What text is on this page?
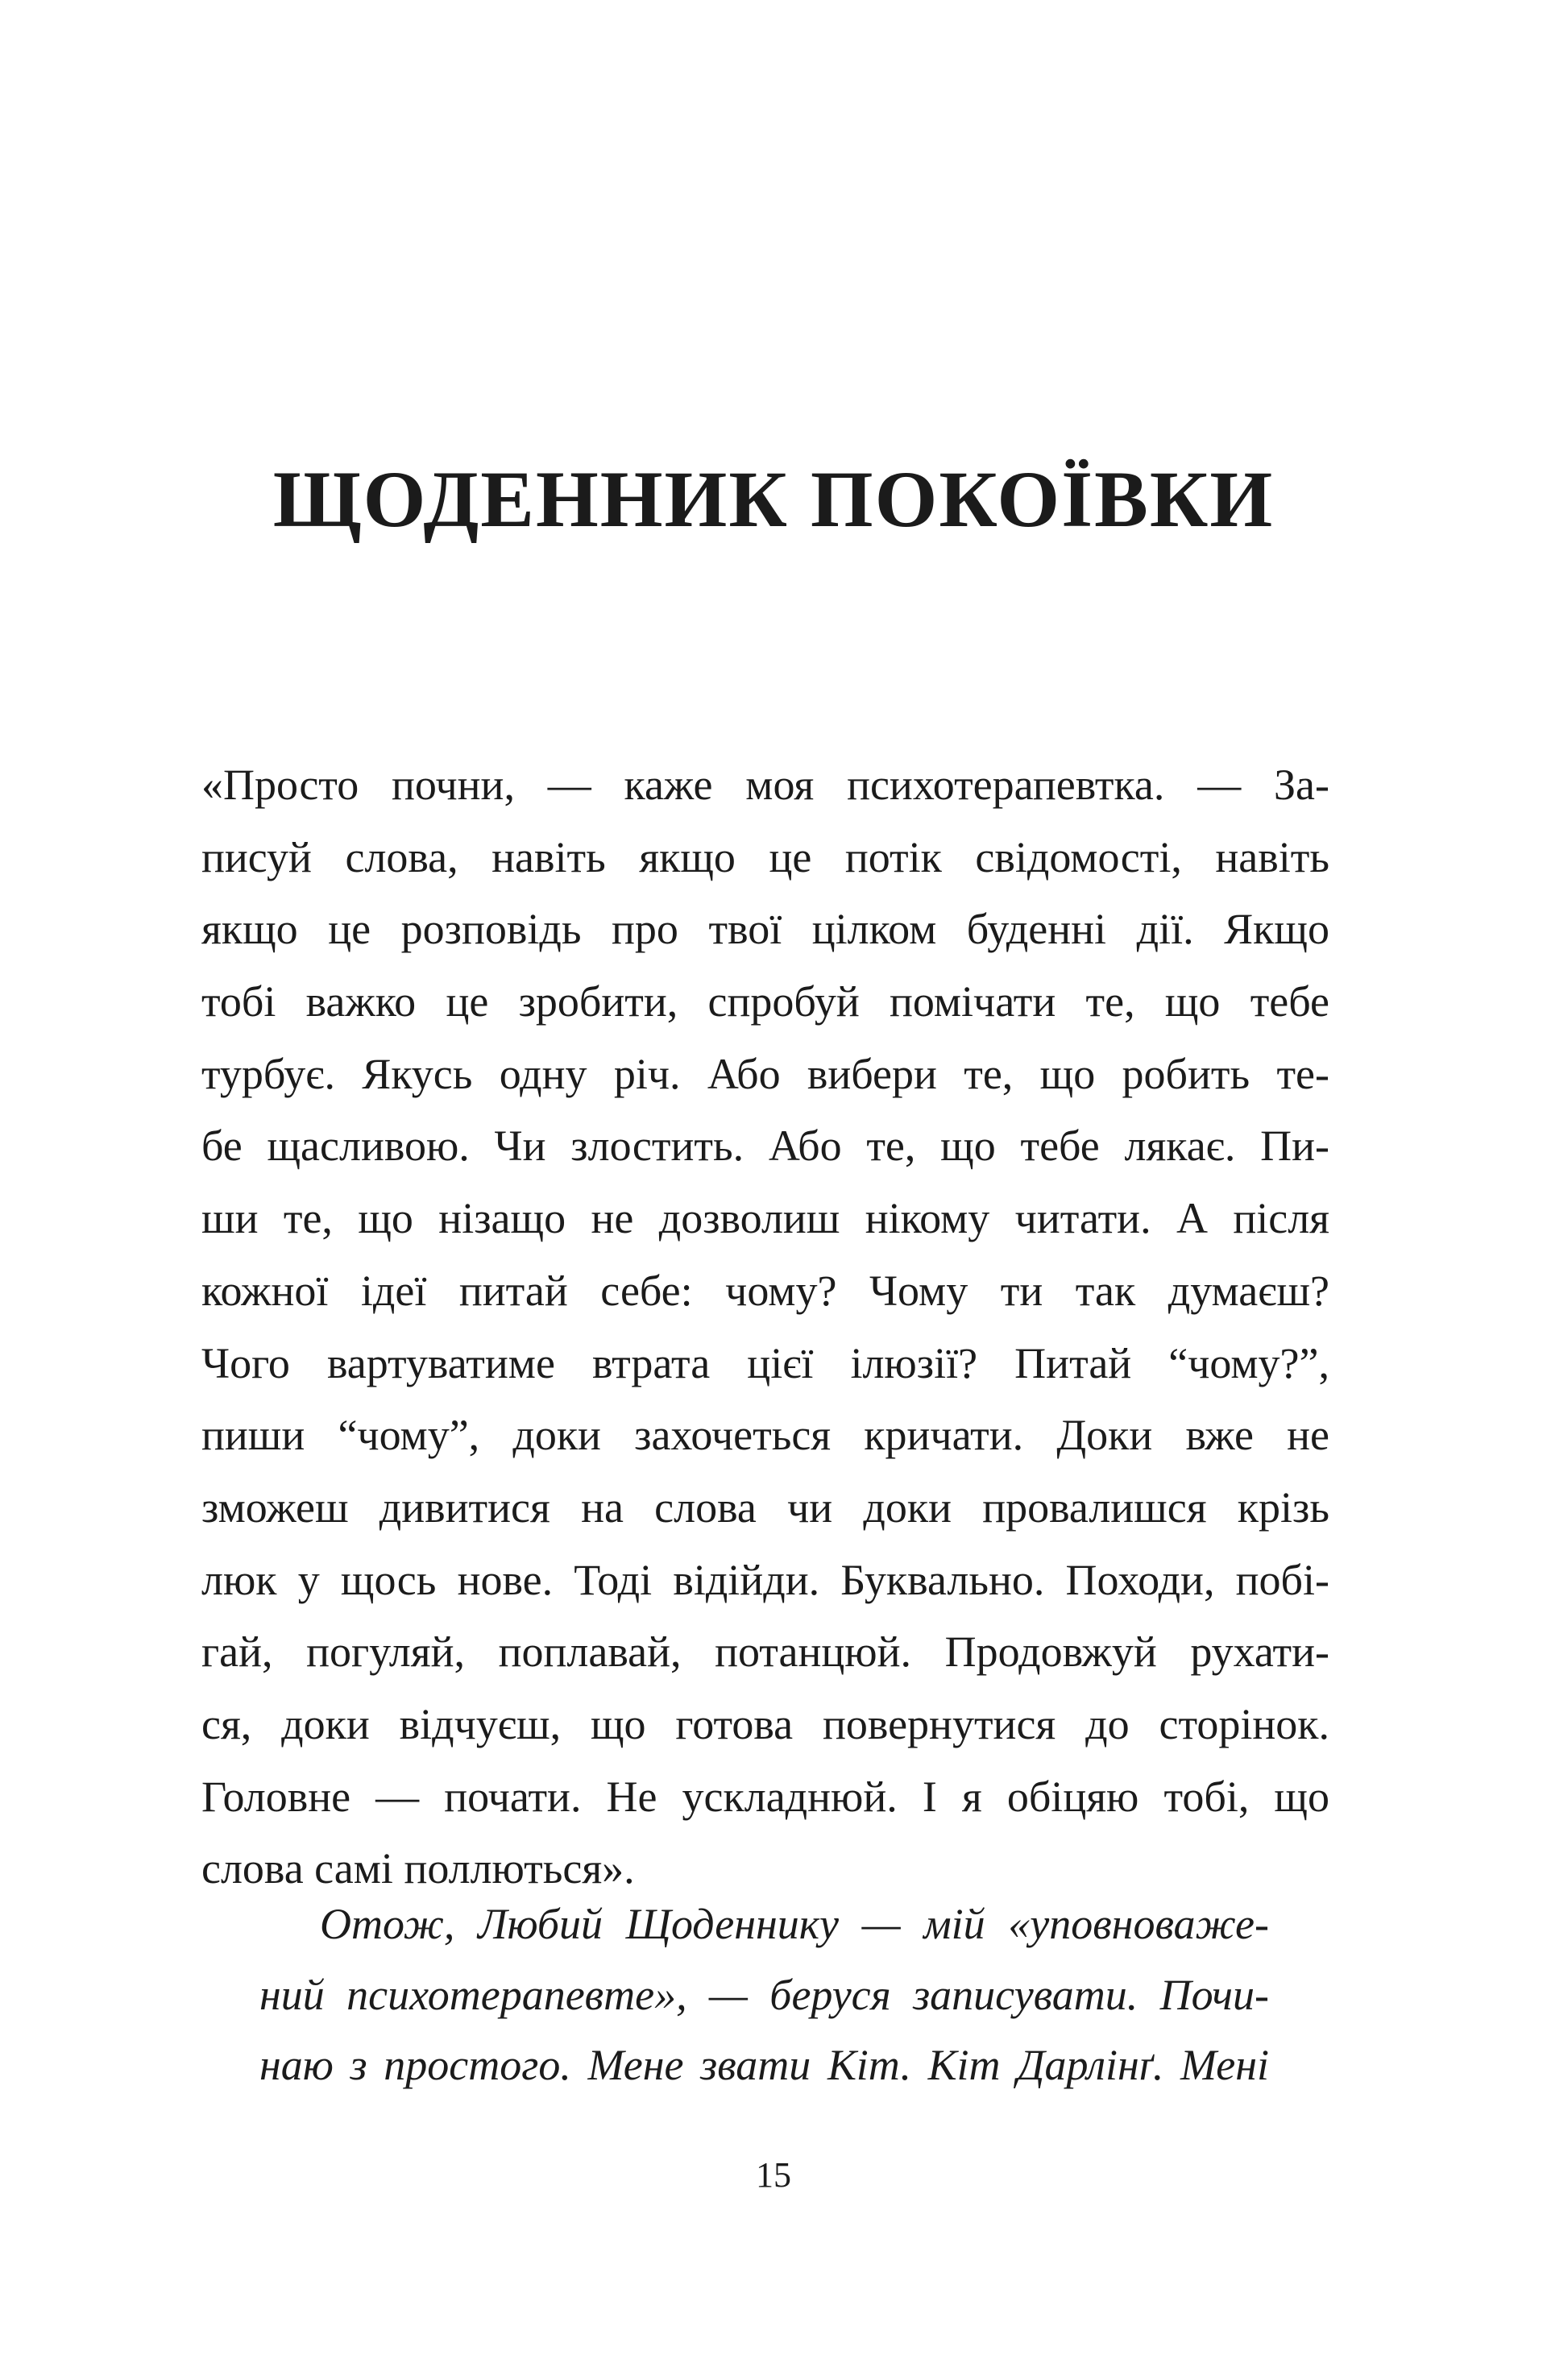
ЩОДЕННИК ПОКОЇВКИ
«Просто почни, — каже моя психотерапевтка. — За-
писуй слова, навіть якщо це потік свідомості, навіть
якщо це розповідь про твої цілком буденні дії. Якщо
тобі важко це зробити, спробуй помічати те, що тебе
турбує. Якусь одну річ. Або вибери те, що робить те-
бе щасливою. Чи злостить. Або те, що тебе лякає. Пи-
ши те, що нізащо не дозволиш нікому читати. А після
кожної ідеї питай себе: чому? Чому ти так думаєш?
Чого вартуватиме втрата цієї ілюзії? Питай “чому?”,
пиши “чому”, доки захочеться кричати. Доки вже не
зможеш дивитися на слова чи доки провалишся крізь
люк у щось нове. Тоді відійди. Буквально. Походи, побі-
гай, погуляй, поплавай, потанцюй. Продовжуй рухати-
ся, доки відчуєш, що готова повернутися до сторінок.
Головне — почати. Не ускладнюй. І я обіцяю тобі, що
слова самі поллються».
Отож, Любий Щоденнику — мій «уповноваже-
ний психотерапевте», — беруся записувати. Почи-
наю з простого. Мене звати Кіт. Кіт Дарлінґ. Мені
15
